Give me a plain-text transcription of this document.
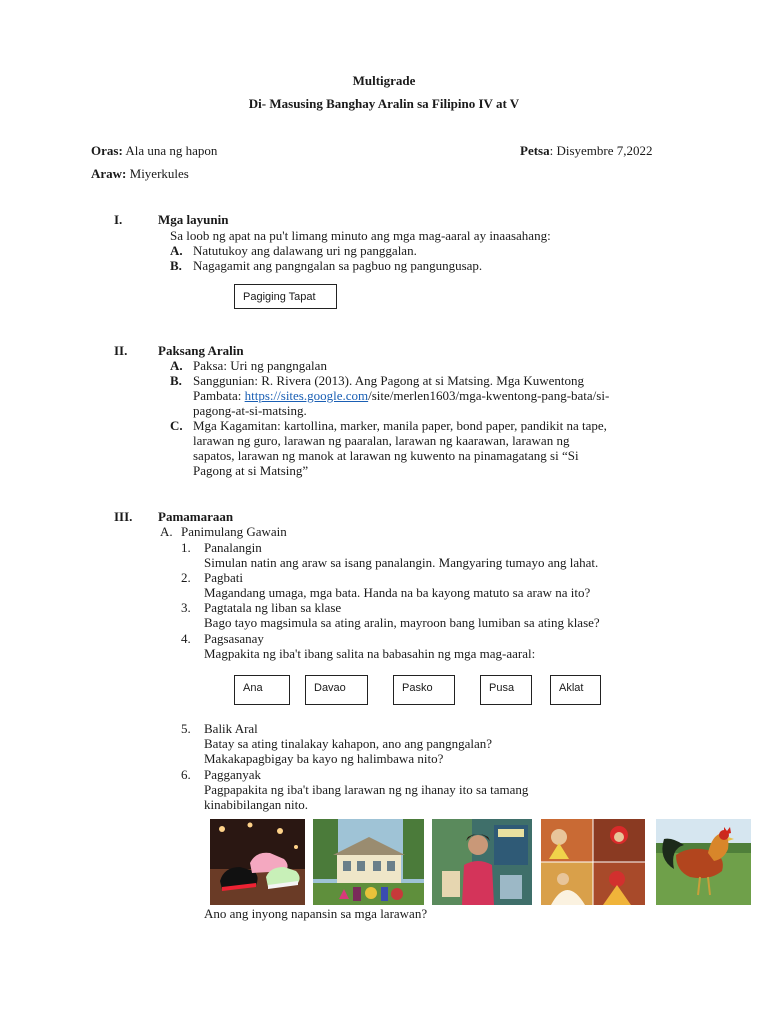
Multigrade
Di- Masusing Banghay Aralin sa Filipino IV at V
Oras: Ala una ng hapon	Petsa: Disyembre 7,2022
Araw: Miyerkules
I.	Mga layunin
Sa loob ng apat na pu't limang minuto ang mga mag-aaral ay inaasahang:
A. Natutukoy ang dalawang uri ng panggalan.
B. Nagagamit ang pangngalan sa pagbuo ng pangungusap.
Pagiging Tapat
II. Paksang Aralin
A. Paksa: Uri ng pangngalan
B. Sanggunian: R. Rivera (2013). Ang Pagong at si Matsing. Mga Kuwentong
Pambata: https://sites.google.com/site/merlen1603/mga-kwentong-pang-bata/si-
pagong-at-si-matsing.
C. Mga Kagamitan: kartollina, marker, manila paper, bond paper, pandikit na tape,
larawan ng guro, larawan ng paaralan, larawan ng kaarawan, larawan ng
sapatos, larawan ng manok at larawan ng kuwento na pinamagatang si “Si
Pagong at si Matsing”
III. Pamamaraan
A. Panimulang Gawain
1. Panalangin
Simulan natin ang araw sa isang panalangin. Mangyaring tumayo ang lahat.
2. Pagbati
Magandang umaga, mga bata. Handa na ba kayong matuto sa araw na ito?
3. Pagtatala ng liban sa klase
Bago tayo magsimula sa ating aralin, mayroon bang lumiban sa ating klase?
4. Pagsasanay
Magpakita ng iba't ibang salita na babasahin ng mga mag-aaral:
Ana	Davao	Pasko	Pusa	Aklat
5. Balik Aral
Batay sa ating tinalakay kahapon, ano ang pangngalan?
Makakapagbigay ba kayo ng halimbawa nito?
6. Pagganyak
Pagpapakita ng iba't ibang larawan ng ng ihanay ito sa tamang
kinabibilangan nito.
Ano ang inyong napansin sa mga larawan?
